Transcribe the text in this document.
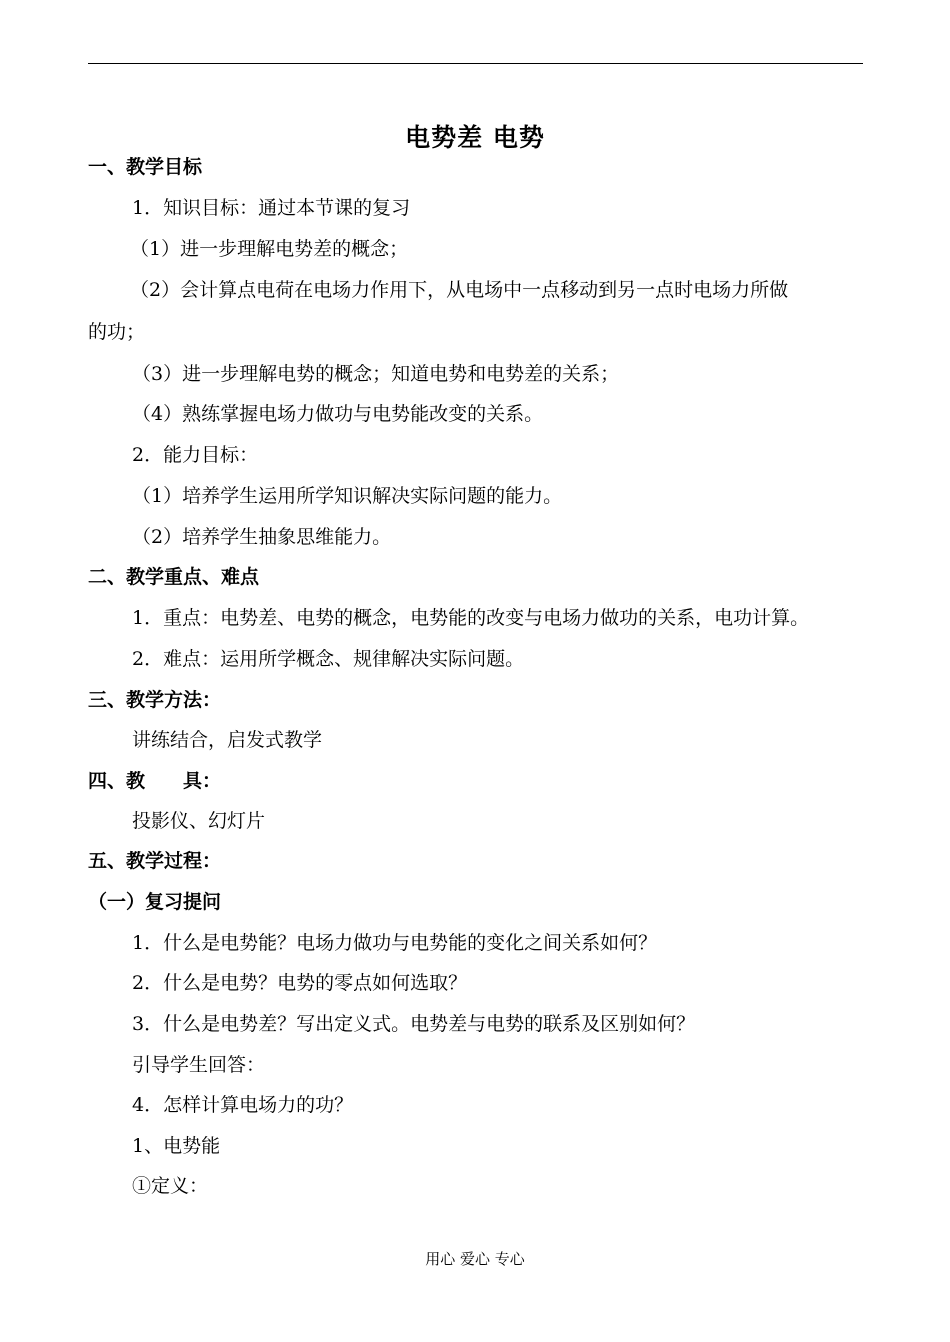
电势差 电势
一、教学目标
1．知识目标：通过本节课的复习
（1）进一步理解电势差的概念；
（2）会计算点电荷在电场力作用下，从电场中一点移动到另一点时电场力所做
的功；
（3）进一步理解电势的概念；知道电势和电势差的关系；
（4）熟练掌握电场力做功与电势能改变的关系。
2．能力目标：
（1）培养学生运用所学知识解决实际问题的能力。
（2）培养学生抽象思维能力。
二、教学重点、难点
1．重点：电势差、电势的概念，电势能的改变与电场力做功的关系，电功计算。
2．难点：运用所学概念、规律解决实际问题。
三、教学方法：
讲练结合，启发式教学
四、教　　具：
投影仪、幻灯片
五、教学过程：
（一）复习提问
1．什么是电势能？电场力做功与电势能的变化之间关系如何？
2．什么是电势？电势的零点如何选取？
3．什么是电势差？写出定义式。电势差与电势的联系及区别如何？
引导学生回答：
4．怎样计算电场力的功？
1、电势能
①定义：
用心 爱心 专心
